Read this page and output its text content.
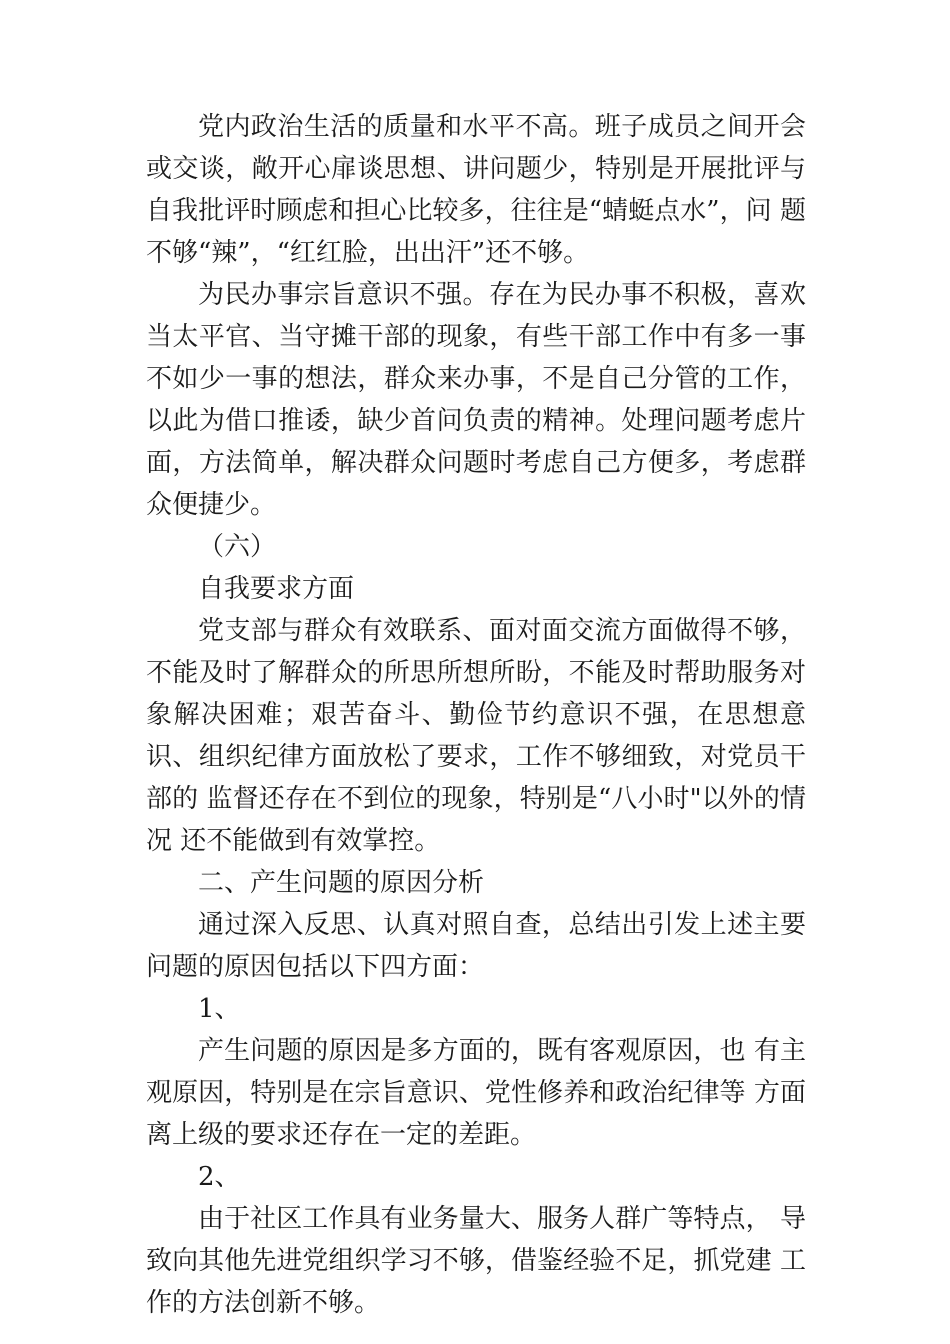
党内政治生活的质量和水平不高。班子成员之间开会或交谈，敞开心扉谈思想、讲问题少，特别是开展批评与 自我批评时顾虑和担心比较多，往往是“蜻蜓点水”，问 题不够“辣”，“红红脸，出出汗”还不够。

为民办事宗旨意识不强。存在为民办事不积极，喜欢 当太平官、当守摊干部的现象，有些干部工作中有多一事 不如少一事的想法，群众来办事，不是自己分管的工作， 以此为借口推诿，缺少首问负责的精神。处理问题考虑片 面，方法简单，解决群众问题时考虑自己方便多，考虑群 众便捷少。

（六）

自我要求方面

党支部与群众有效联系、面对面交流方面做得不够， 不能及时了解群众的所思所想所盼，不能及时帮助服务对 象解决困难；艰苦奋斗、勤俭节约意识不强，在思想意识、组织纪律方面放松了要求，工作不够细致，对党员干部的 监督还存在不到位的现象，特别是“八小时"以外的情况 还不能做到有效掌控。

二、产生问题的原因分析

通过深入反思、认真对照自查，总结出引发上述主要 问题的原因包括以下四方面：

1、

产生问题的原因是多方面的，既有客观原因，也 有主观原因，特别是在宗旨意识、党性修养和政治纪律等 方面离上级的要求还存在一定的差距。

2、

由于社区工作具有业务量大、服务人群广等特点， 导致向其他先进党组织学习不够，借鉴经验不足，抓党建 工作的方法创新不够。
